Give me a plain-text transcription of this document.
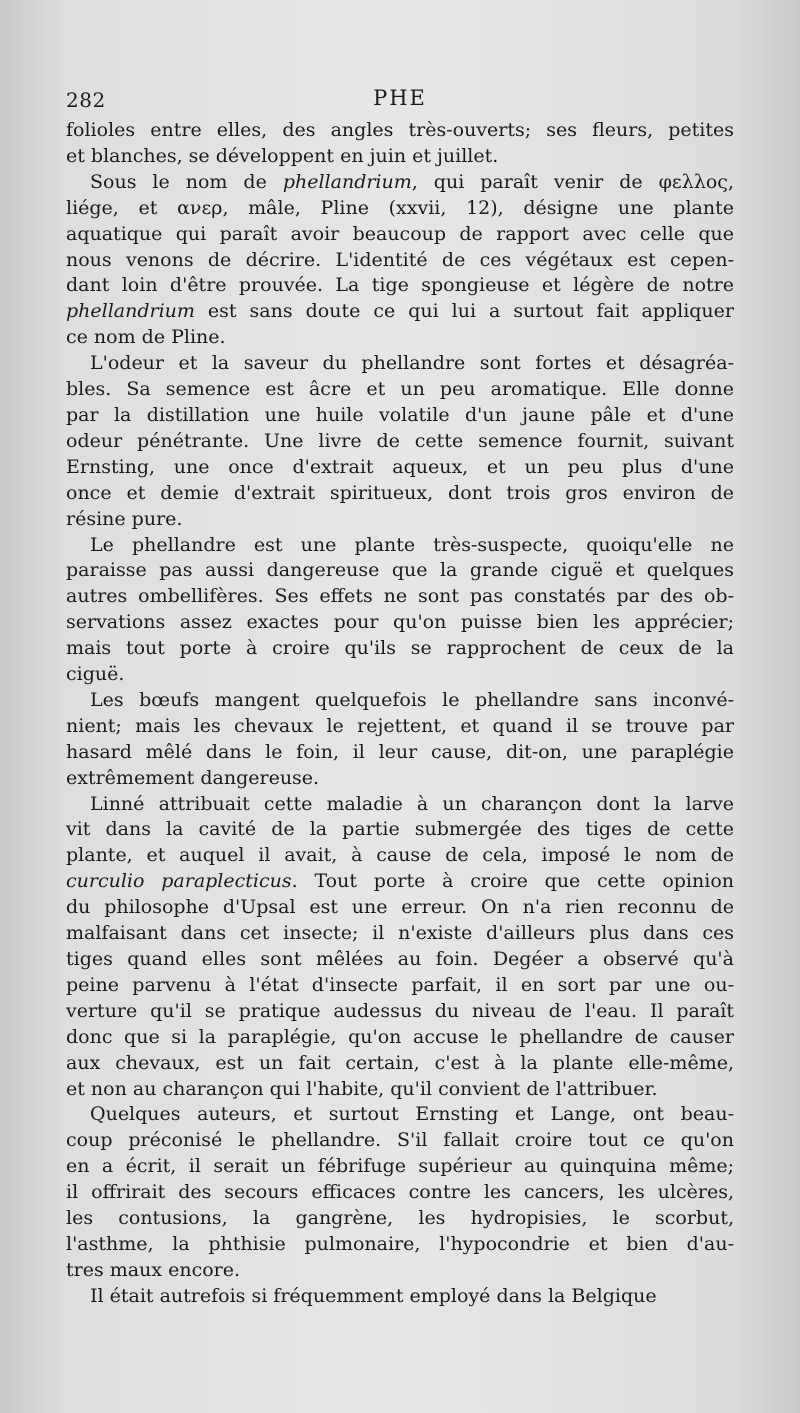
282	PHE

folioles entre elles, des angles très-ouverts; ses fleurs, petites

et blanches, se développent en juin et juillet.

Sous le nom de phellandrium, qui paraît venir de φελλος,

liége, et ανερ, mâle, Pline (xxvii, 12), désigne une plante

aquatique qui paraît avoir beaucoup de rapport avec celle que

nous venons de décrire. L'identité de ces végétaux est cepen-

dant loin d'être prouvée. La tige spongieuse et légère de notre

phellandrium est sans doute ce qui lui a surtout fait appliquer

ce nom de Pline.

L'odeur et la saveur du phellandre sont fortes et désagréa-

bles. Sa semence est âcre et un peu aromatique. Elle donne

par la distillation une huile volatile d'un jaune pâle et d'une

odeur pénétrante. Une livre de cette semence fournit, suivant

Ernsting, une once d'extrait aqueux, et un peu plus d'une

once et demie d'extrait spiritueux, dont trois gros environ de

résine pure.

Le phellandre est une plante très-suspecte, quoiqu'elle ne

paraisse pas aussi dangereuse que la grande ciguë et quelques

autres ombellifères. Ses effets ne sont pas constatés par des ob-

servations assez exactes pour qu'on puisse bien les apprécier;

mais tout porte à croire qu'ils se rapprochent de ceux de la

ciguë.

Les bœufs mangent quelquefois le phellandre sans inconvé-

nient; mais les chevaux le rejettent, et quand il se trouve par

hasard mêlé dans le foin, il leur cause, dit-on, une paraplégie

extrêmement dangereuse.

Linné attribuait cette maladie à un charançon dont la larve

vit dans la cavité de la partie submergée des tiges de cette

plante, et auquel il avait, à cause de cela, imposé le nom de

curculio paraplecticus. Tout porte à croire que cette opinion

du philosophe d'Upsal est une erreur. On n'a rien reconnu de

malfaisant dans cet insecte; il n'existe d'ailleurs plus dans ces

tiges quand elles sont mêlées au foin. Degéer a observé qu'à

peine parvenu à l'état d'insecte parfait, il en sort par une ou-

verture qu'il se pratique audessus du niveau de l'eau. Il paraît

donc que si la paraplégie, qu'on accuse le phellandre de causer

aux chevaux, est un fait certain, c'est à la plante elle-même,

et non au charançon qui l'habite, qu'il convient de l'attribuer.

Quelques auteurs, et surtout Ernsting et Lange, ont beau-

coup préconisé le phellandre. S'il fallait croire tout ce qu'on

en a écrit, il serait un fébrifuge supérieur au quinquina même;

il offrirait des secours efficaces contre les cancers, les ulcères,

les contusions, la gangrène, les hydropisies, le scorbut,

l'asthme, la phthisie pulmonaire, l'hypocondrie et bien d'au-

tres maux encore.

Il était autrefois si fréquemment employé dans la Belgique
